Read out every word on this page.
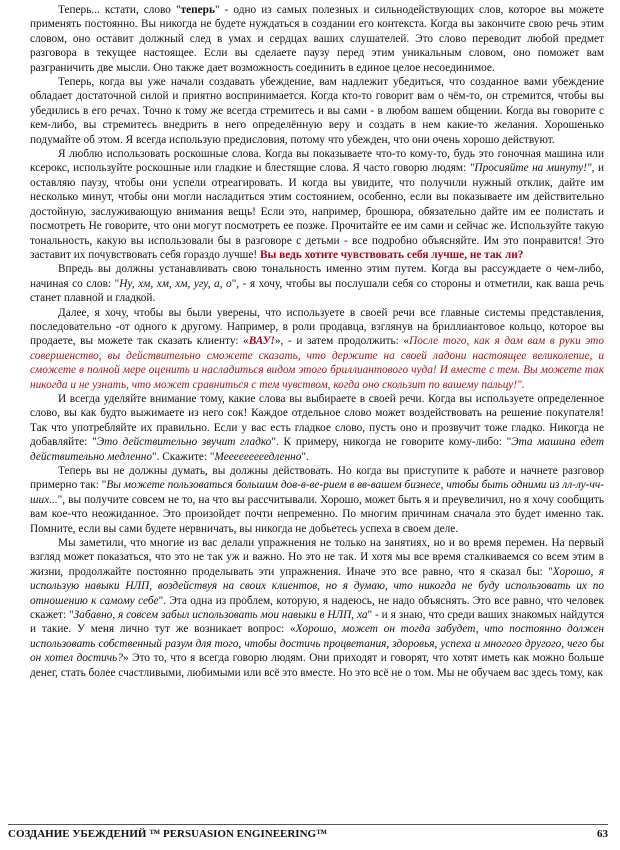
Теперь... кстати, слово "теперь" - одно из самых полезных и сильнодействующих слов, которое вы можете применять постоянно. Вы никогда не будете нуждаться в создании его контекста. Когда вы закончите свою речь этим словом, оно оставит должный след в умах и сердцах ваших слушателей. Это слово переводит любой предмет разговора в текущее настоящее. Если вы сделаете паузу перед этим уникальным словом, оно поможет вам разграничить две мысли. Оно также дает возможность соединить в единое целое несоединимое.

Теперь, когда вы уже начали создавать убеждение, вам надлежит убедиться, что созданное вами убеждение обладает достаточной силой и приятно воспринимается. Когда кто-то говорит вам о чём-то, он стремится, чтобы вы убедились в его речах. Точно к тому же всегда стремитесь и вы сами - в любом вашем общении. Когда вы говорите с кем-либо, вы стремитесь внедрить в него определённую веру и создать в нем какие-то желания. Хорошенько подумайте об этом. Я всегда использую предисловия, потому что убежден, что они очень хорошо действуют.

Я люблю использовать роскошные слова. Когда вы показываете что-то кому-то, будь это гоночная машина или ксерокс, используйте роскошные или гладкие и блестящие слова. Я часто говорю людям: "Просияйте на минуту!", и оставляю паузу, чтобы они успели отреагировать. И когда вы увидите, что получили нужный отклик, дайте им несколько минут, чтобы они могли насладиться этим состоянием, особенно, если вы показываете им действительно достойную, заслуживающую внимания вещь! Если это, например, брошюра, обязательно дайте им ее полистать и посмотреть Не говорите, что они могут посмотреть ее позже. Прочитайте ее им сами и сейчас же. Используйте такую тональность, какую вы использовали бы в разговоре с детьми - все подробно объясняйте. Им это понравится! Это заставит их почувствовать себя гораздо лучше! Вы ведь хотите чувствовать себя лучше, не так ли?

Впредь вы должны устанавливать свою тональность именно этим путем. Когда вы рассуждаете о чем-либо, начиная со слов: "Ну, хм, хм, хм, угу, а, о", - я хочу, чтобы вы послушали себя со стороны и отметили, как ваша речь станет плавной и гладкой.

Далее, я хочу, чтобы вы были уверены, что используете в своей речи все главные системы представления, последовательно -от одного к другому. Например, в роли продавца, взглянув на бриллиантовое кольцо, которое вы продаете, вы можете так сказать клиенту: «ВАУ!», - и затем продолжить: «После того, как я дам вам в руки это совершенство, вы действительно сможете сказать, что держите на своей ладони настоящее великолепие, и сможете в полной мере оценить и насладиться видом этого бриллиантового чуда! И вместе с тем. Вы можете так никогда и не узнать, что может сравниться с тем чувством, когда оно скользит по вашему пальцу!".

И всегда уделяйте внимание тому, какие слова вы выбираете в своей речи. Когда вы используете определенное слово, вы как будто выжимаете из него сок! Каждое отдельное слово может воздействовать на решение покупателя! Так что употребляйте их правильно. Если у вас есть гладкое слово, пусть оно и прозвучит тоже гладко. Никогда не добавляйте: "Это действительно звучит гладко". К примеру, никогда не говорите кому-либо: "Эта машина едет действительно медленно". Скажите: "Мееееееееедленно".

Теперь вы не должны думать, вы должны действовать. Но когда вы приступите к работе и начнете разговор примерно так: "Вы можете пользоваться большим дов-в-ве-рием в вв-вашем бизнесе, чтобы быть одними из лл-лу-чч-ших...", вы получите совсем не то, на что вы рассчитывали. Хорошо, может быть я и преувеличил, но я хочу сообщить вам кое-что неожиданное. Это произойдет почти непременно. По многим причинам сначала это будет именно так. Помните, если вы сами будете нервничать, вы никогда не добьетесь успеха в своем деле.

Мы заметили, что многие из вас делали упражнения не только на занятиях, но и во время перемен. На первый взгляд может показаться, что это не так уж и важно. Но это не так. И хотя мы все время сталкиваемся со всем этим в жизни, продолжайте постоянно проделывать эти упражнения. Иначе это все равно, что я сказал бы: "Хорошо, я использую навыки НЛП, воздействуя на своих клиентов, но я думаю, что никогда не буду использовать их по отношению к самому себе". Эта одна из проблем, которую, я надеюсь, не надо объяснять. Это все равно, что человек скажет: "Забавно, я совсем забыл использовать мои навыки в НЛП, ха" - и я знаю, что среди ваших знакомых найдутся и такие. У меня лично тут же возникает вопрос: «Хорошо, может он тогда забудет, что постоянно должен использовать собственный разум для того, чтобы достичь процветания, здоровья, успеха и многого другого, чего бы он хотел достичь?» Это то, что я всегда говорю людям. Они приходят и говорят, что хотят иметь как можно больше денег, стать более счастливыми, любимыми или всё это вместе. Но это всё не о том. Мы не обучаем вас здесь тому, как

СОЗДАНИЕ УБЕЖДЕНИЙ ™ PERSUASION ENGINEERING™	63
